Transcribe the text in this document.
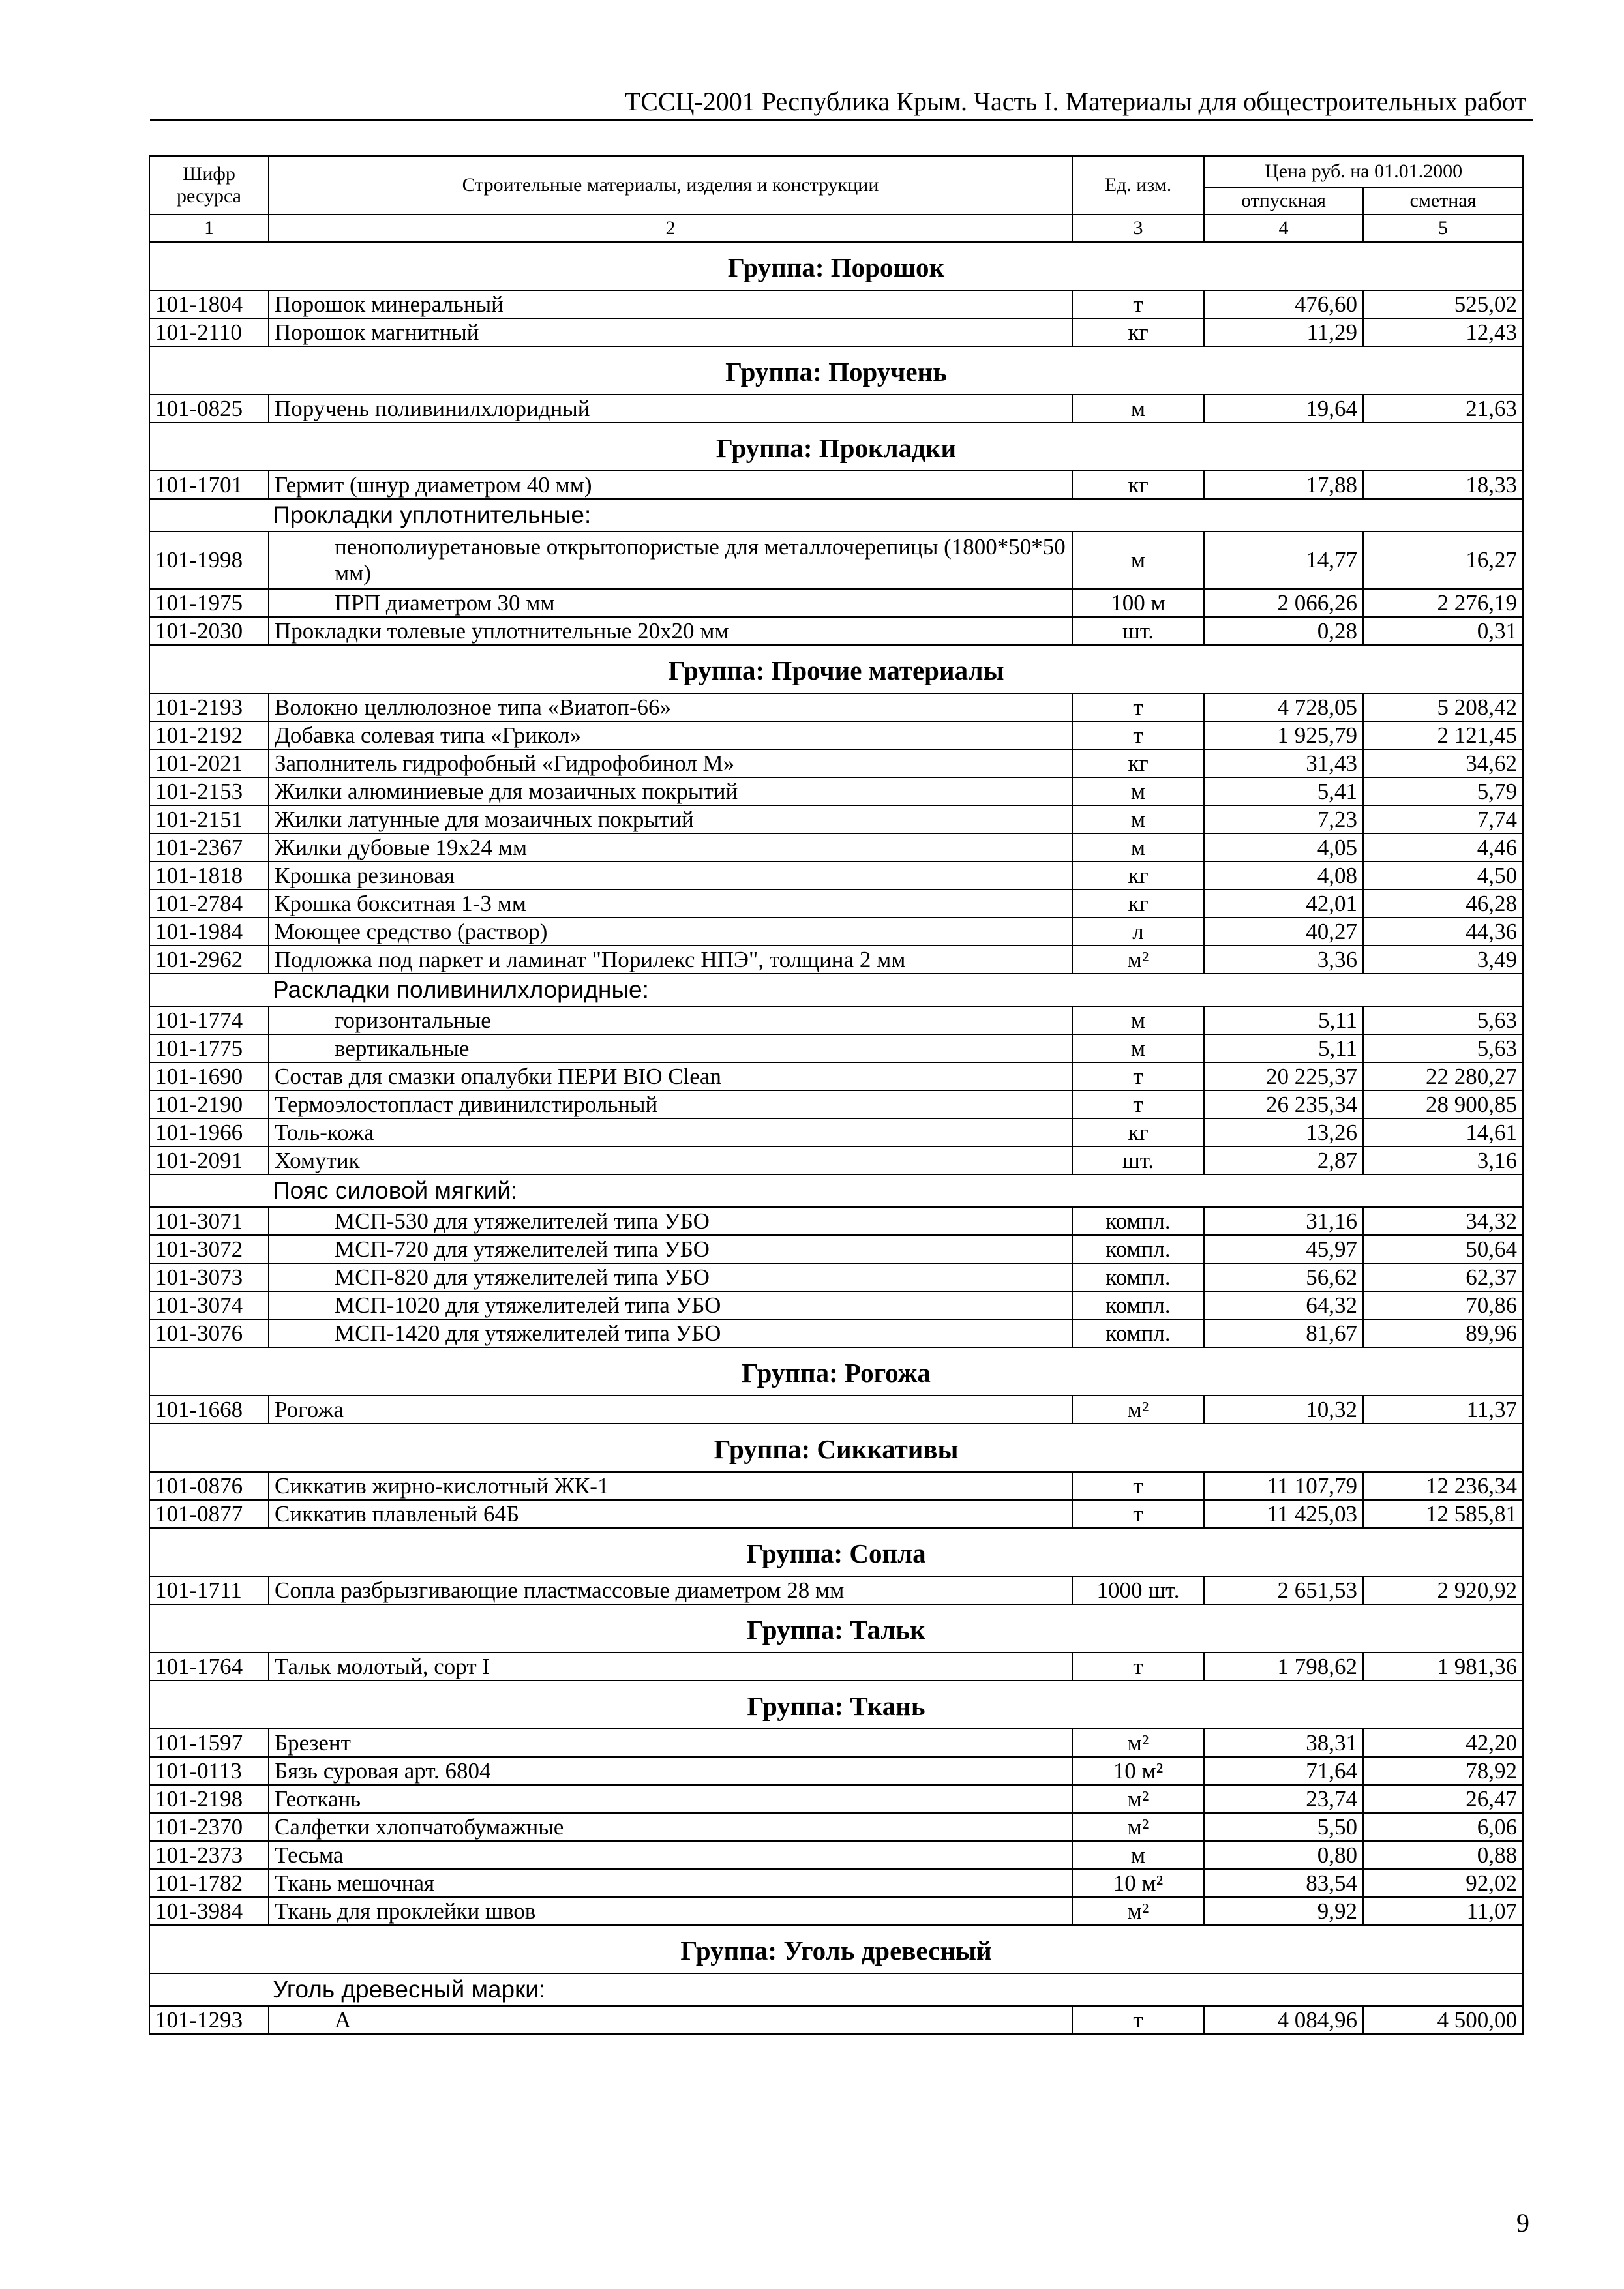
ТССЦ-2001 Республика Крым. Часть I. Материалы для общестроительных работ
Шифр ресурса	Строительные материалы, изделия и конструкции	Ед. изм.	Цена руб. на 01.01.2000	
			отпускная	сметная
1	2	3	4	5
Группа: Порошок				
101-1804	Порошок минеральный	т	476,60	525,02
101-2110	Порошок магнитный	кг	11,29	12,43
Группа: Поручень				
101-0825	Поручень поливинилхлоридный	м	19,64	21,63
Группа: Прокладки				
101-1701	Гермит (шнур диаметром 40 мм)	кг	17,88	18,33
	Прокладки уплотнительные:			
101-1998	пенополиуретановые открытопористые для металлочерепицы (1800*50*50 мм)	м	14,77	16,27
101-1975	ПРП диаметром 30 мм	100 м	2 066,26	2 276,19
101-2030	Прокладки толевые уплотнительные 20х20 мм	шт.	0,28	0,31
Группа: Прочие материалы				
101-2193	Волокно целлюлозное типа «Виатоп-66»	т	4 728,05	5 208,42
101-2192	Добавка солевая типа «Грикол»	т	1 925,79	2 121,45
101-2021	Заполнитель гидрофобный «Гидрофобинол М»	кг	31,43	34,62
101-2153	Жилки алюминиевые для мозаичных покрытий	м	5,41	5,79
101-2151	Жилки латунные для мозаичных покрытий	м	7,23	7,74
101-2367	Жилки дубовые 19х24 мм	м	4,05	4,46
101-1818	Крошка резиновая	кг	4,08	4,50
101-2784	Крошка бокситная 1-3 мм	кг	42,01	46,28
101-1984	Моющее средство (раствор)	л	40,27	44,36
101-2962	Подложка под паркет и ламинат "Порилекс НПЭ", толщина 2 мм	м²	3,36	3,49
	Раскладки поливинилхлоридные:			
101-1774	горизонтальные	м	5,11	5,63
101-1775	вертикальные	м	5,11	5,63
101-1690	Состав для смазки опалубки ПЕРИ BIO Clean	т	20 225,37	22 280,27
101-2190	Термоэлостопласт дивинилстирольный	т	26 235,34	28 900,85
101-1966	Толь-кожа	кг	13,26	14,61
101-2091	Хомутик	шт.	2,87	3,16
	Пояс силовой мягкий:			
101-3071	МСП-530 для утяжелителей типа УБО	компл.	31,16	34,32
101-3072	МСП-720 для утяжелителей типа УБО	компл.	45,97	50,64
101-3073	МСП-820 для утяжелителей типа УБО	компл.	56,62	62,37
101-3074	МСП-1020 для утяжелителей типа УБО	компл.	64,32	70,86
101-3076	МСП-1420 для утяжелителей типа УБО	компл.	81,67	89,96
Группа: Рогожа				
101-1668	Рогожа	м²	10,32	11,37
Группа: Сиккативы				
101-0876	Сиккатив жирно-кислотный ЖК-1	т	11 107,79	12 236,34
101-0877	Сиккатив плавленый 64Б	т	11 425,03	12 585,81
Группа: Сопла				
101-1711	Сопла разбрызгивающие пластмассовые диаметром 28 мм	1000 шт.	2 651,53	2 920,92
Группа: Тальк				
101-1764	Тальк молотый, сорт I	т	1 798,62	1 981,36
Группа: Ткань				
101-1597	Брезент	м²	38,31	42,20
101-0113	Бязь суровая арт. 6804	10 м²	71,64	78,92
101-2198	Геоткань	м²	23,74	26,47
101-2370	Салфетки хлопчатобумажные	м²	5,50	6,06
101-2373	Тесьма	м	0,80	0,88
101-1782	Ткань мешочная	10 м²	83,54	92,02
101-3984	Ткань для проклейки швов	м²	9,92	11,07
Группа: Уголь древесный				
	Уголь древесный марки:			
101-1293	А	т	4 084,96	4 500,00
9
